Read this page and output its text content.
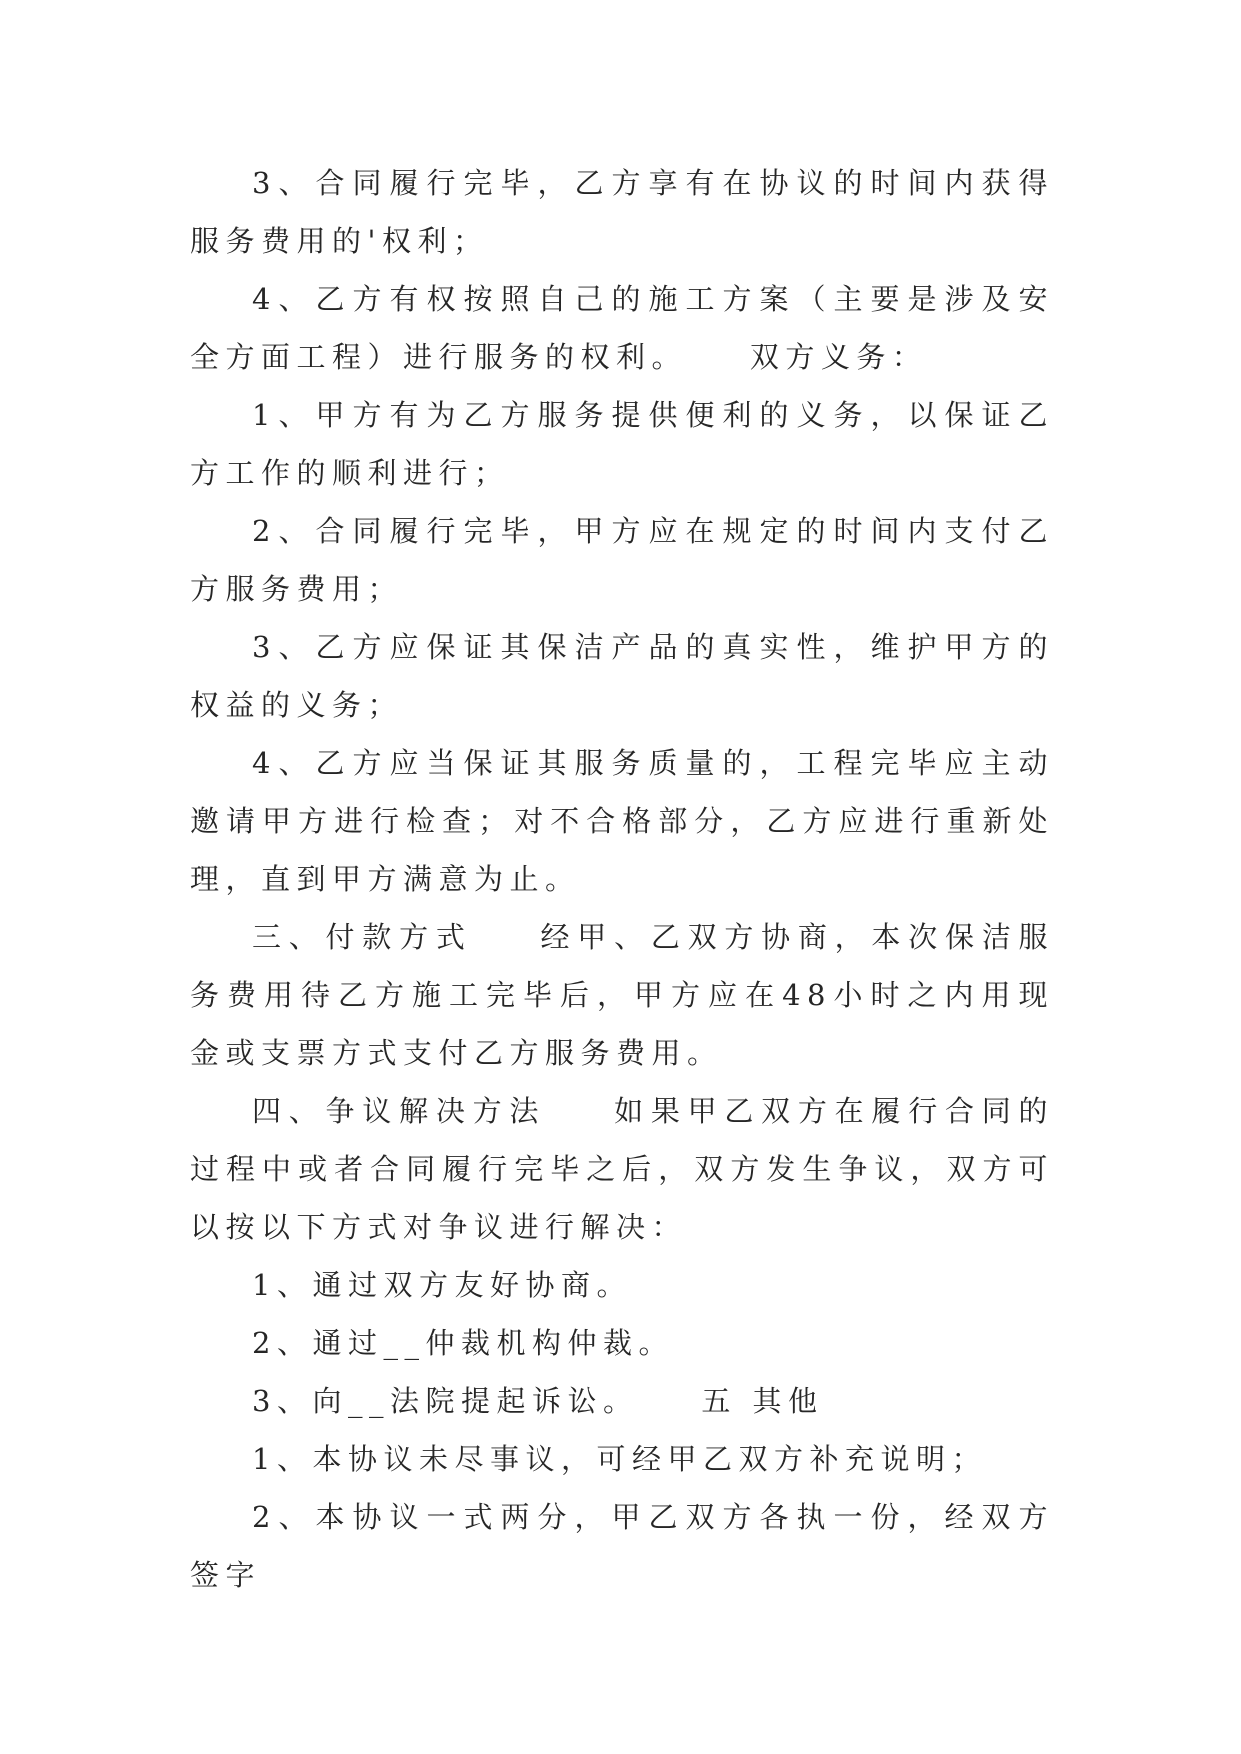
3、合同履行完毕，乙方享有在协议的时间内获得服务费用的'权利；

4、乙方有权按照自己的施工方案（主要是涉及安全方面工程）进行服务的权利。    双方义务：

1、甲方有为乙方服务提供便利的义务，以保证乙方工作的顺利进行；

2、合同履行完毕，甲方应在规定的时间内支付乙方服务费用；

3、乙方应保证其保洁产品的真实性，维护甲方的权益的义务；

4、乙方应当保证其服务质量的，工程完毕应主动邀请甲方进行检查；对不合格部分，乙方应进行重新处理，直到甲方满意为止。

三、付款方式    经甲、乙双方协商，本次保洁服务费用待乙方施工完毕后，甲方应在48小时之内用现金或支票方式支付乙方服务费用。

四、争议解决方法    如果甲乙双方在履行合同的过程中或者合同履行完毕之后，双方发生争议，双方可以按以下方式对争议进行解决：

1、通过双方友好协商。

2、通过__仲裁机构仲裁。

3、向__法院提起诉讼。    五 其他

1、本协议未尽事议，可经甲乙双方补充说明；

2、本协议一式两分，甲乙双方各执一份，经双方签字
